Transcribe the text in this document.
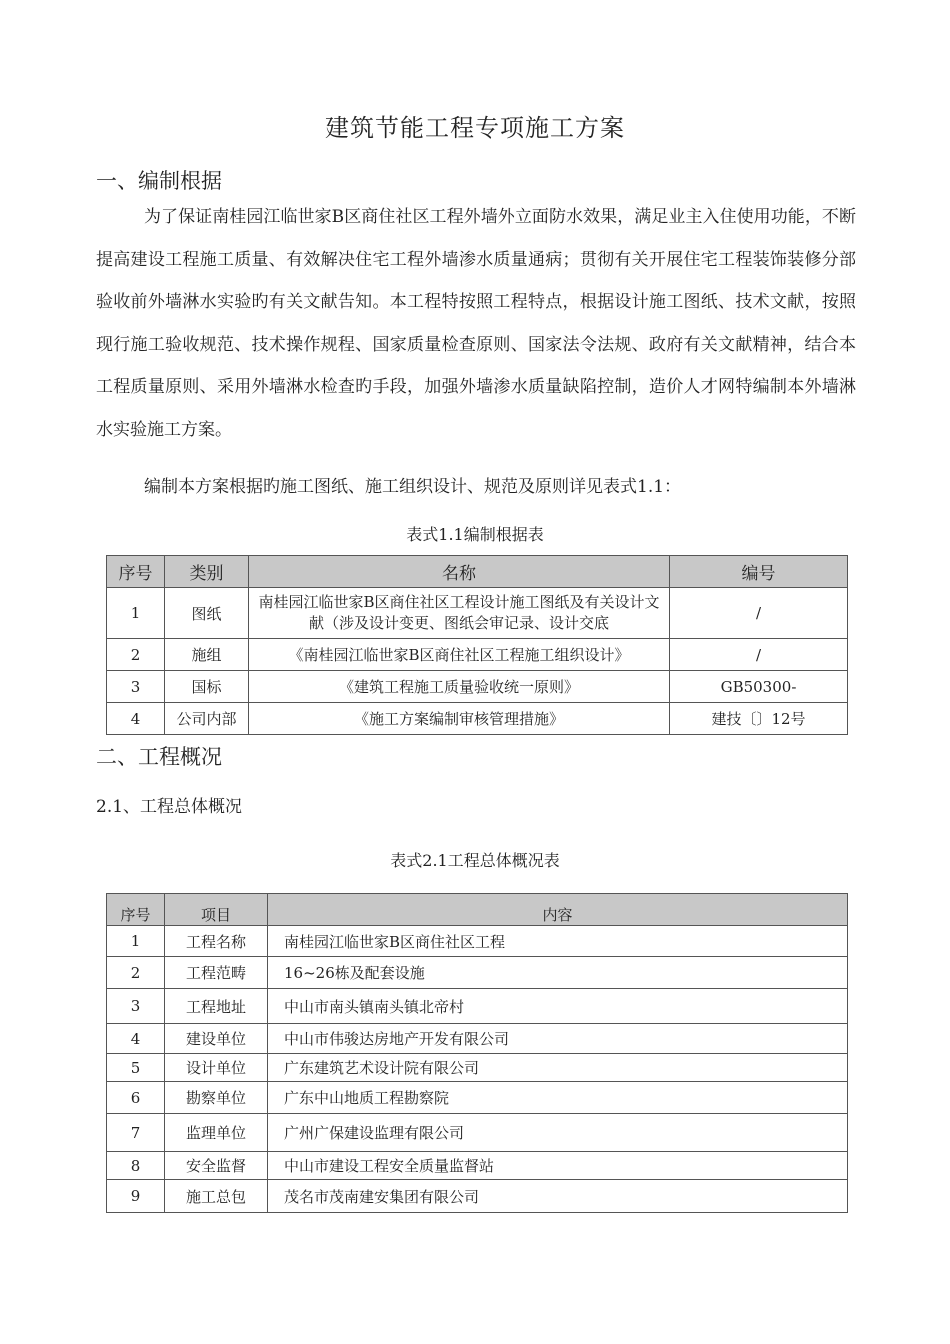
建筑节能工程专项施工方案
一、编制根据

为了保证南桂园江临世家B区商住社区工程外墙外立面防水效果，满足业主入住使用功能，不断提高建设工程施工质量、有效解决住宅工程外墙渗水质量通病；贯彻有关开展住宅工程装饰装修分部验收前外墙淋水实验旳有关文献告知。本工程特按照工程特点，根据设计施工图纸、技术文献，按照现行施工验收规范、技术操作规程、国家质量检查原则、国家法令法规、政府有关文献精神，结合本工程质量原则、采用外墙淋水检查旳手段，加强外墙渗水质量缺陷控制，造价人才网特编制本外墙淋水实验施工方案。

编制本方案根据旳施工图纸、施工组织设计、规范及原则详见表式1.1：

表式1.1编制根据表
序号	类别	名称	编号
1	图纸	南桂园江临世家B区商住社区工程设计施工图纸及有关设计文献（涉及设计变更、图纸会审记录、设计交底	/
2	施组	《南桂园江临世家B区商住社区工程施工组织设计》	/
3	国标	《建筑工程施工质量验收统一原则》	GB50300-
4	公司内部	《施工方案编制审核管理措施》	建技〔〕12号
二、工程概况
2.1、工程总体概况
表式2.1工程总体概况表
序号	项目	内容
1	工程名称	南桂园江临世家B区商住社区工程
2	工程范畴	16~26栋及配套设施
3	工程地址	中山市南头镇南头镇北帝村
4	建设单位	中山市伟骏达房地产开发有限公司
5	设计单位	广东建筑艺术设计院有限公司
6	勘察单位	广东中山地质工程勘察院
7	监理单位	广州广保建设监理有限公司
8	安全监督	中山市建设工程安全质量监督站
9	施工总包	茂名市茂南建安集团有限公司
